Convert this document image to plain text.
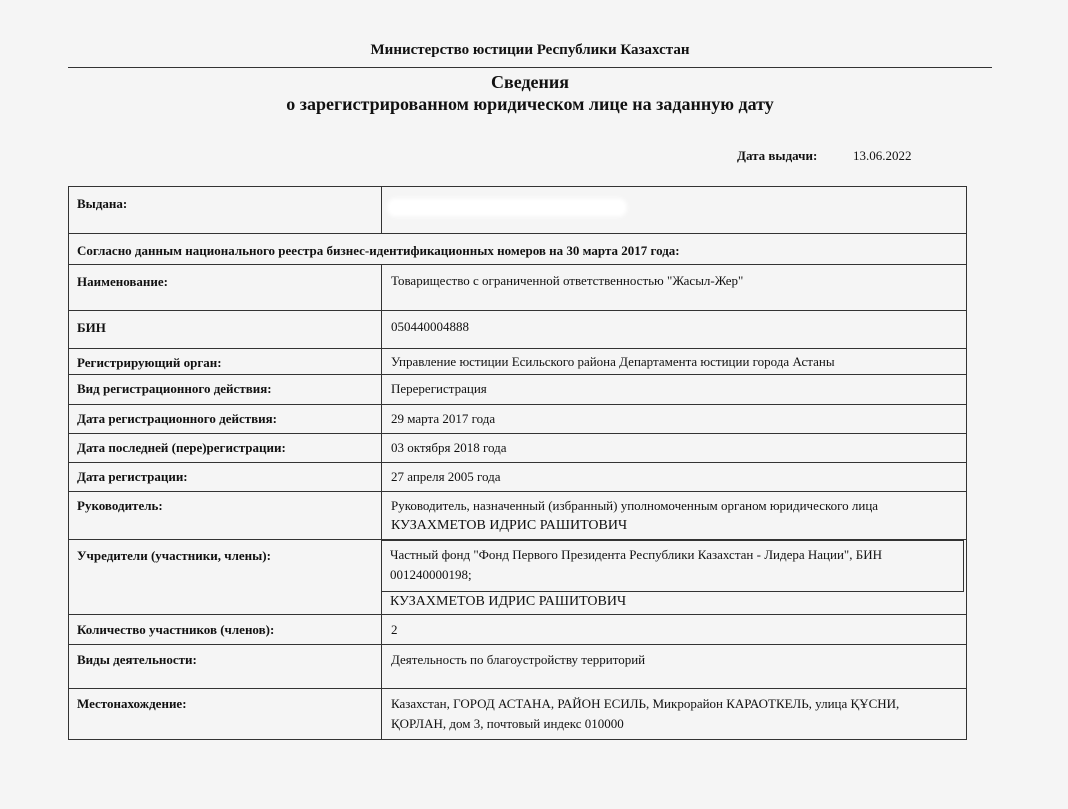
Министерство юстиции Республики Казахстан
Сведения
о зарегистрированном юридическом лице на заданную дату
Дата выдачи:	13.06.2022
Выдана:
Согласно данным национального реестра бизнес-идентификационных номеров на 30 марта 2017 года:
Наименование:	Товарищество с ограниченной ответственностью "Жасыл-Жер"
БИН	050440004888
Регистрирующий орган:	Управление юстиции Есильского района Департамента юстиции города Астаны
Вид регистрационного действия:	Перерегистрация
Дата регистрационного действия:	29 марта 2017 года
Дата последней (пере)регистрации:	03 октября 2018 года
Дата регистрации:	27 апреля 2005 года
Руководитель:	Руководитель, назначенный (избранный) уполномоченным органом юридического лица
КУЗАХМЕТОВ ИДРИС РАШИТОВИЧ
Учредители (участники, члены):	Частный фонд "Фонд Первого Президента Республики Казахстан - Лидера Нации", БИН
001240000198;
КУЗАХМЕТОВ ИДРИС РАШИТОВИЧ
Количество участников (членов):	2
Виды деятельности:	Деятельность по благоустройству территорий
Местонахождение:	Казахстан, ГОРОД АСТАНА, РАЙОН ЕСИЛЬ, Микрорайон КАРАОТКЕЛЬ, улица ҚҰСНИ,
ҚОРЛАН, дом 3, почтовый индекс 010000
